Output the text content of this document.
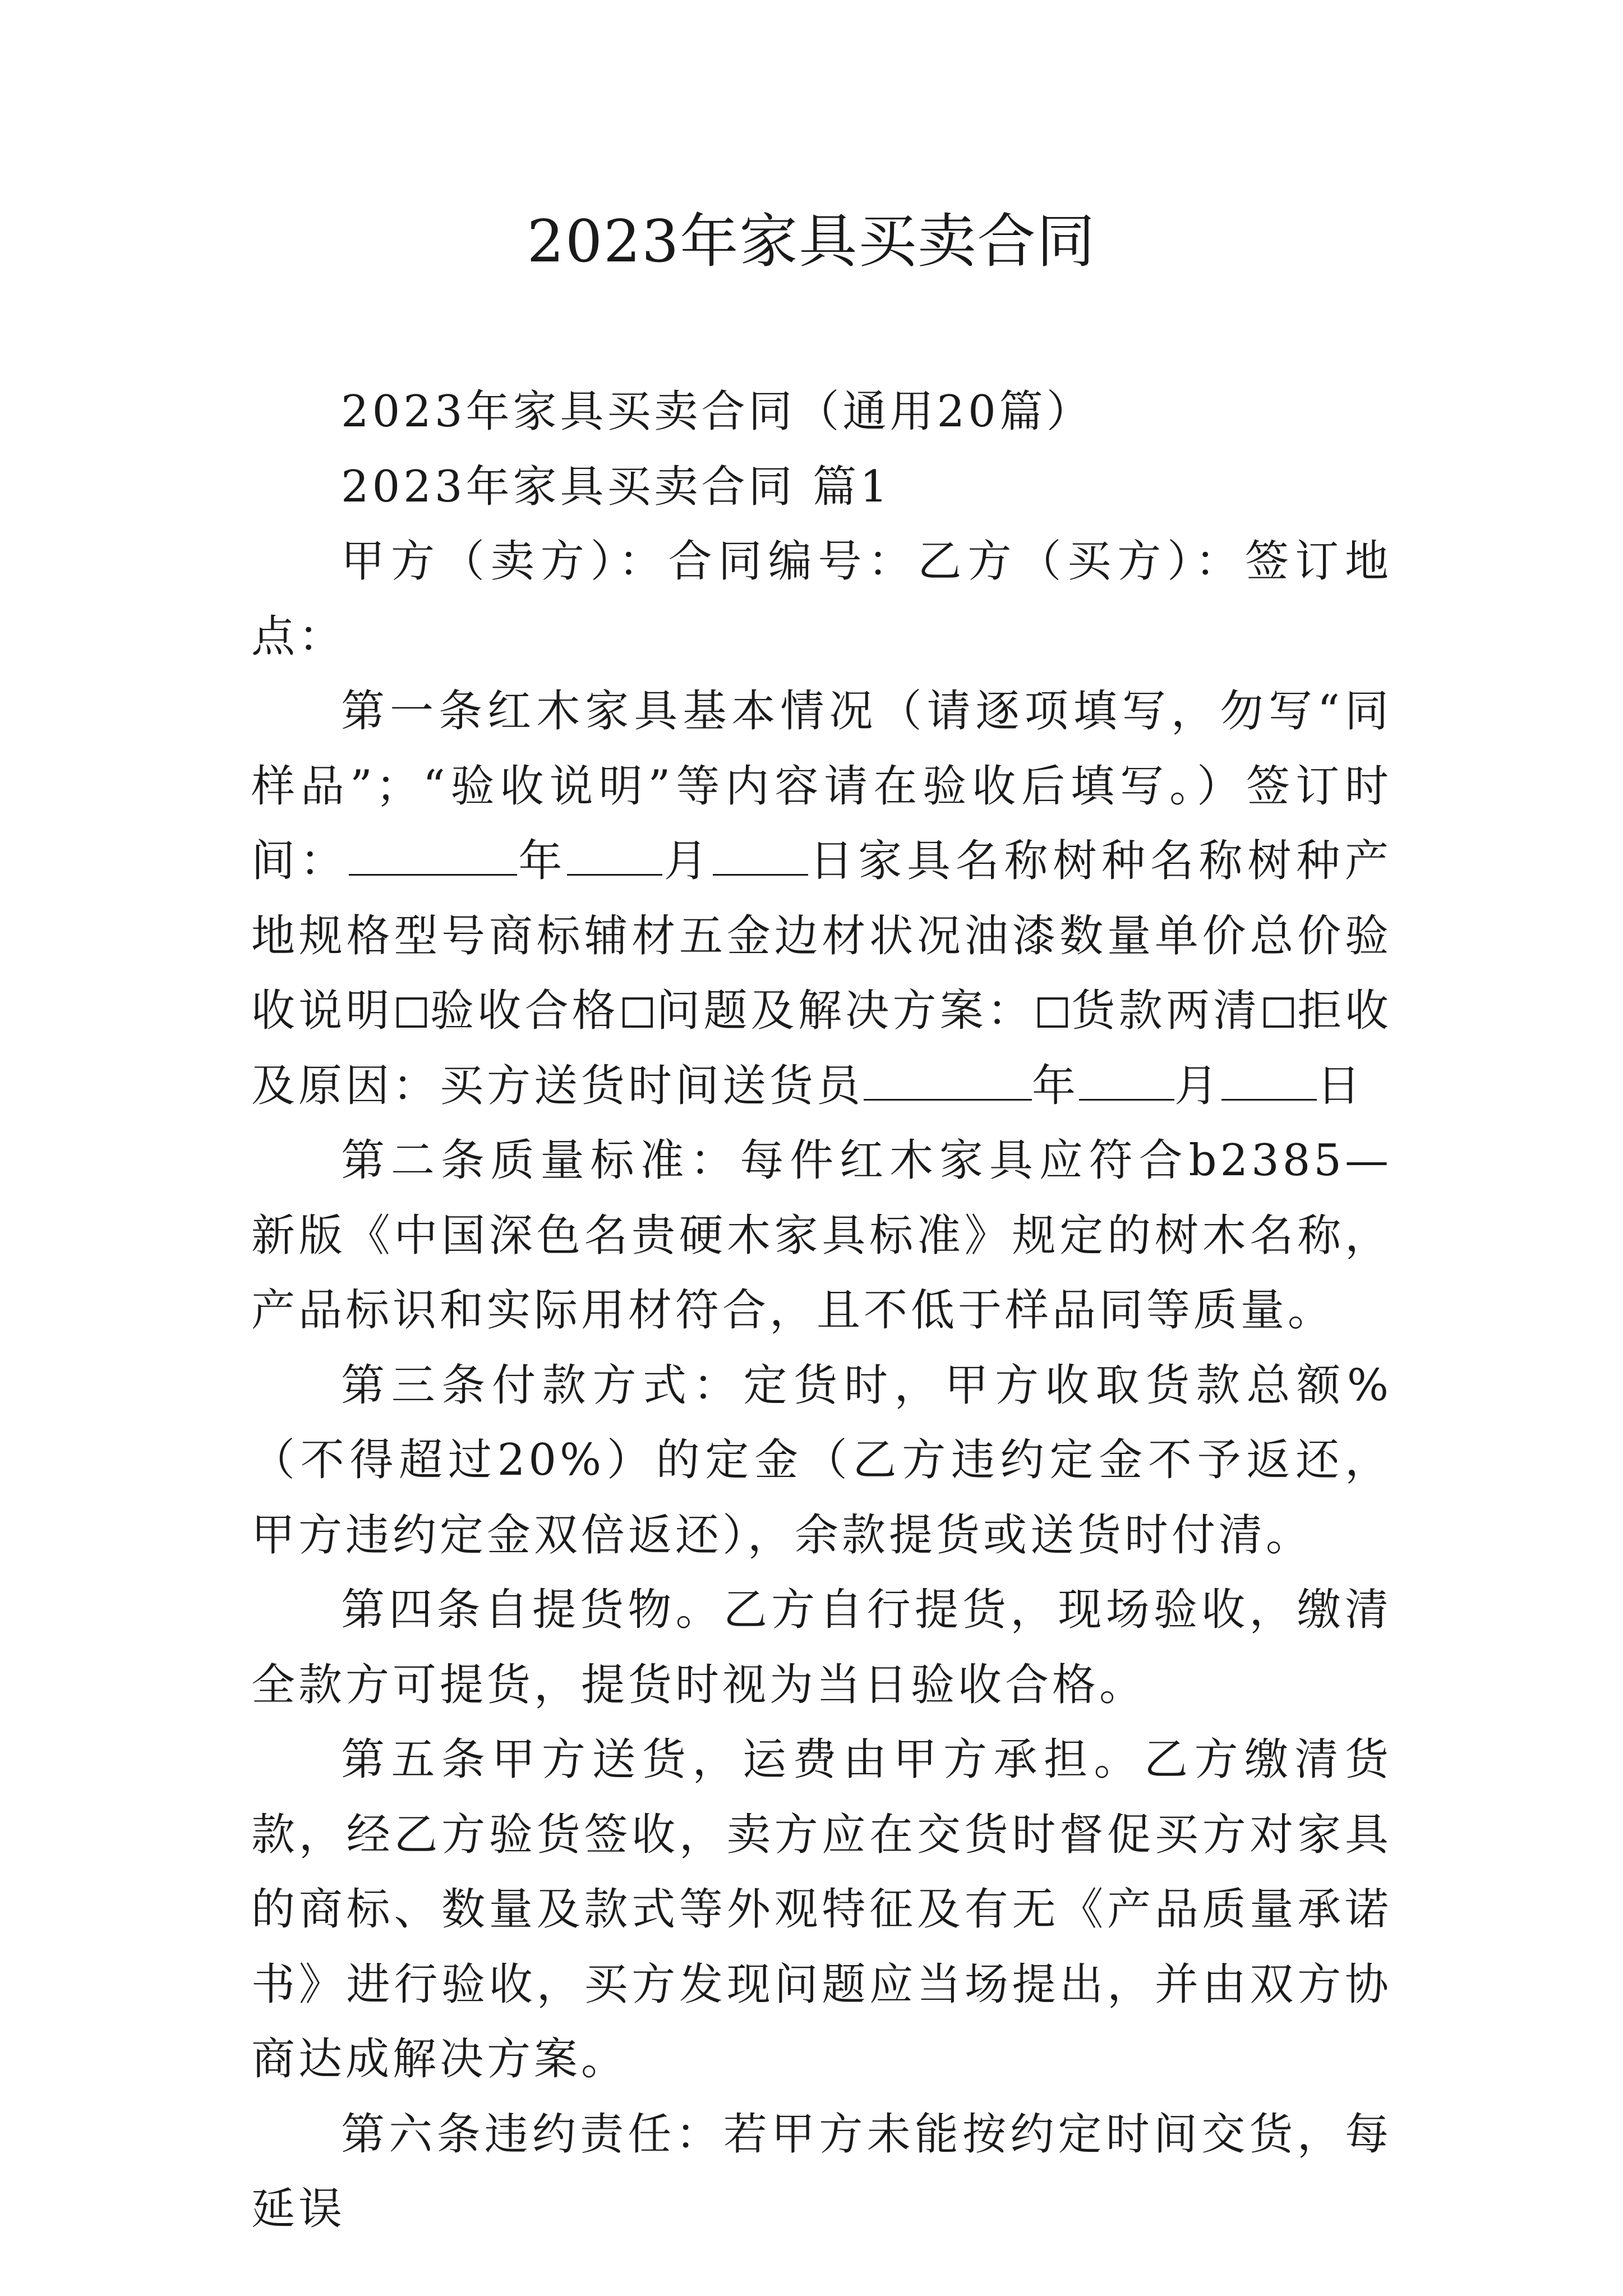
2023年家具买卖合同

2023年家具买卖合同（通用20篇）

2023年家具买卖合同 篇1

甲方（卖方）：合同编号：乙方（买方）：签订地点：

第一条红木家具基本情况（请逐项填写，勿写“同样品”；“验收说明”等内容请在验收后填写。）签订时间：	年 月 日家具名称树种名称树种产地规格型号商标辅材五金边材状况油漆数量单价总价验收说明 验收合格 问题及解决方案： 货款两清 拒收及原因：买方送货时间送货员	年 月 日

第二条质量标准：每件红木家具应符合b2385—新版《中国深色名贵硬木家具标准》规定的树木名称，产品标识和实际用材符合，且不低于样品同等质量。

第三条付款方式：定货时，甲方收取货款总额%（不得超过20%）的定金（乙方违约定金不予返还，甲方违约定金双倍返还），余款提货或送货时付清。

第四条自提货物。乙方自行提货，现场验收，缴清全款方可提货，提货时视为当日验收合格。

第五条甲方送货，运费由甲方承担。乙方缴清货款，经乙方验货签收，卖方应在交货时督促买方对家具的商标、数量及款式等外观特征及有无《产品质量承诺书》进行验收，买方发现问题应当场提出，并由双方协商达成解决方案。

第六条违约责任：若甲方未能按约定时间交货，每延误
